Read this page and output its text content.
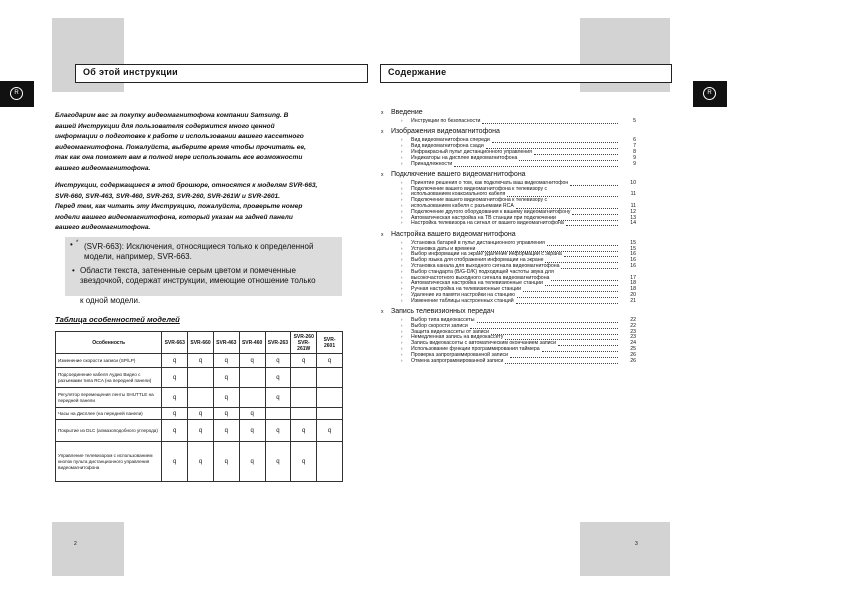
R	R
Об этой инструкции
Благодарим вас за покупку видеомагнитофона компании Samsung. В
вашей Инструкции для пользователя содержится много ценной
информации о подготовке к работе и использовании вашего кассетного
видеомагнитофона. Пожалуйста, выберите время чтобы прочитать ее,
так как она поможет вам в полной мере использовать все возможности
вашего видеомагнитофона.
Инструкции, содержащиеся в этой брошюре, относятся к моделям SVR-663,
SVR-660, SVR-463, SVR-460, SVR-263, SVR-260, SVR-261W и SVR-2601.
Перед тем, как читать эту Инструкцию, пожалуйста, проверьте номер
модели вашего видеомагнитофона, который указан на задней панели
вашего видеомагнитофона.
• * (SVR-663): Исключения, относящиеся только к определенной
модели, например, SVR-663.
• Области текста, затененные серым цветом и помеченные
звездочкой, содержат инструкции, имеющие отношение только
к одной модели.
Таблица особенностей моделей
Особенность	SVR-663	SVR-660	SVR-463	SVR-460	SVR-263	SVR-260 SVR-261W	SVR-2601
Изменение скорости записи (SP/LP)	q	q	q	q	q	q	q
Подсоединение кабеля Аудио Видео с разъемами типа RCA (на передней панели)	q		q		q		
Регулятор перемещения ленты SHUTTLE на передней панели	q		q		q		
Часы на Дисплее (на передней панели)	q	q	q	q			
Покрытие из DLC (алмазоподобного углерода)	q	q	q	q	q	q	q
Управление телевизором с использованием кнопок пульта дистанционного управления видеомагнитофона	q	q	q	q	q	q	
2
Содержание
x Введение
› Инструкции по безопасности	5
x Изображения видеомагнитофона
› Вид видеомагнитофона спереди	6
› Вид видеомагнитофона сзади	7
› Инфракрасный пульт дистанционного управления	8
› Индикаторы на дисплее видеомагнитофона	9
› Принадлежности	9
x Подключение вашего видеомагнитофона
› Принятие решения о том, как подключать ваш видеомагнитофон	10
› Подключение вашего видеомагнитофона к телевизору с
› использованием коаксиального кабеля	11
› Подключение вашего видеомагнитофона к телевизору с
› использованием кабеля с разъемами RCA	11
› Подключение другого оборудования к вашему видеомагнитофону	12
› Автоматическая настройка на ТВ станции при подключении	13
› Настройка телевизора на сигнал от вашего видеомагнитофона	14
x Настройка вашего видеомагнитофона
› Установка батарей в пульт дистанционного управления	15
› Установка даты и времени	15
› Выбор информации на экран/ удаление информации с экрана	16
› Выбор языка для отображения информации на экране	16
› Установка канала для выходного сигнала видеомагнитофона	16
› Выбор стандарта (B/G-D/K) подходящей частоты звука для
› высокочастотного выходного сигнала видеомагнитофона	17
› Автоматическая настройка на телевизионные станции	18
› Ручная настройка на телевизионные станции	18
› Удаление из памяти настройки на станцию	20
› Изменение таблицы настроенных станций	21
x Запись телевизионных передач
› Выбор типа видеокассеты	22
› Выбор скорости записи	22
› Защита видеокассеты от записи	23
› Немедленная запись на видеокассету	23
› Запись видеокассеты с автоматическим окончанием записи	24
› Использование функции программирования таймера	25
› Проверка запрограммированной записи	26
› Отмена запрограммированной записи	26
3
